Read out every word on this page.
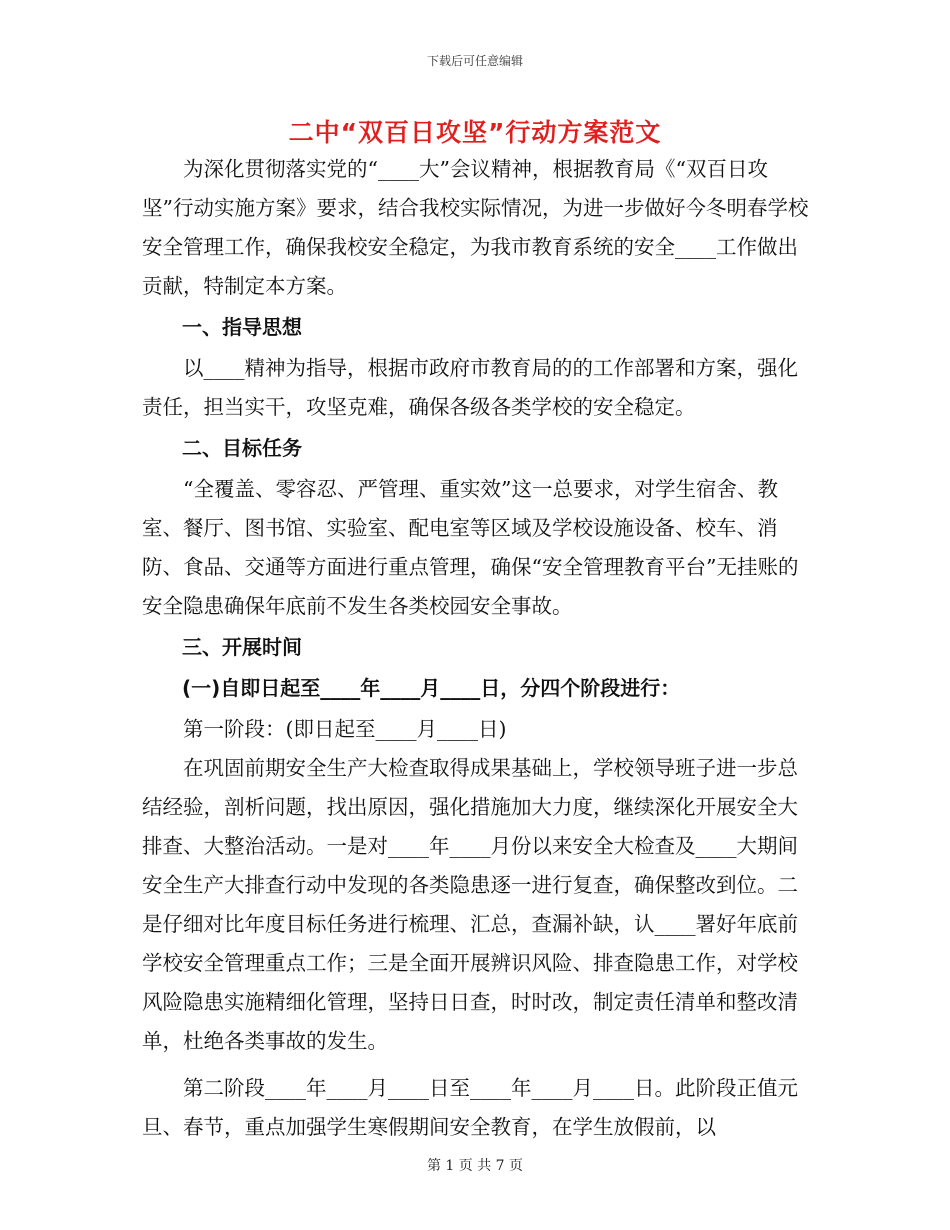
下载后可任意编辑
二中“双百日攻坚”行动方案范文

为深化贯彻落实党的“____大”会议精神，根据教育局《“双百日攻坚”行动实施方案》要求，结合我校实际情况，为进一步做好今冬明春学校安全管理工作，确保我校安全稳定，为我市教育系统的安全____工作做出贡献，特制定本方案。

一、指导思想

以____精神为指导，根据市政府市教育局的的工作部署和方案，强化责任，担当实干，攻坚克难，确保各级各类学校的安全稳定。

二、目标任务

“全覆盖、零容忍、严管理、重实效”这一总要求，对学生宿舍、教室、餐厅、图书馆、实验室、配电室等区域及学校设施设备、校车、消防、食品、交通等方面进行重点管理，确保“安全管理教育平台”无挂账的安全隐患确保年底前不发生各类校园安全事故。

三、开展时间
(一)自即日起至____年____月____日，分四个阶段进行：

第一阶段：(即日起至____月____日)

在巩固前期安全生产大检查取得成果基础上，学校领导班子进一步总结经验，剖析问题，找出原因，强化措施加大力度，继续深化开展安全大排查、大整治活动。一是对____年____月份以来安全大检查及____大期间安全生产大排查行动中发现的各类隐患逐一进行复查，确保整改到位。二是仔细对比年度目标任务进行梳理、汇总，查漏补缺，认____署好年底前学校安全管理重点工作；三是全面开展辨识风险、排查隐患工作，对学校风险隐患实施精细化管理，坚持日日查，时时改，制定责任清单和整改清单，杜绝各类事故的发生。

第二阶段____年____月____日至____年____月____日。此阶段正值元旦、春节，重点加强学生寒假期间安全教育，在学生放假前，以

第 1 页 共 7 页
